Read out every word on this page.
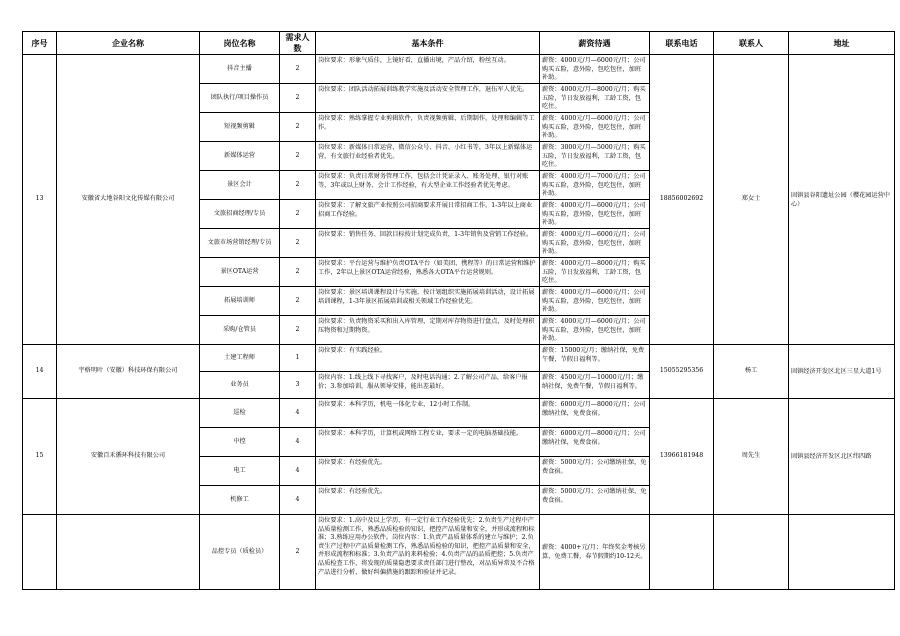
序号	企业名称	岗位名称	需求人数	基本条件	薪资待遇	联系电话	联系人	地址
13	安徽省大地谷阳文化传媒有限公司	抖音主播	2	岗位要求：形象气质佳，上镜好看，直播出境，产品介绍，粉丝互动。	薪资：4000元/月—6000元/月；公司购买五险，意外险，包吃包住，加班补助。	18856002692	郑女士	固镇县谷阳遗址公园（樱花园运营中心）
		团队执行/项目操作员	2	岗位要求：团队活动拓展训练教学实施及活动安全管理工作，退伍军人优先。	薪资：4000元/月—8000元/月；购买五险，节日发放福利，工龄工资，包吃住。			
		短视频剪辑	2	岗位要求：熟练掌握专业剪辑软件，负责视频剪辑、后期制作，处理和编辑等工作。	薪资：4000元/月—6000元/月；公司购买五险，意外险，包吃包住，加班补助。			
		新媒体运营	2	岗位要求：新媒体日常运营，微信公众号、抖音、小红书等，3年以上新媒体运营，有文旅行业经验者优先。	薪资：3000元/月—5000元/月；购买五险，节日发放福利，工龄工资，包吃住。			
		景区会计	2	岗位要求：负责日常财务管理工作，包括会计凭证录入、账务处理、银行对账等，3年或以上财务、会计工作经验，有大型企业工作经验者优先考虑。	薪资：4000元/月—7000元/月；公司购买五险，意外险，包吃包住，加班补助。			
		文旅招商经理/专员	2	岗位要求：了解文旅产业按照公司招商要求开展日常招商工作，1-3年以上商业招商工作经验。	薪资：4000元/月—6000元/月；公司购买五险，意外险，包吃包住，加班补助。			
		文旅市场营销经理/专员	2	岗位要求：销售任务、回款目标按计划完成负责，1-3年销售及营销工作经验。	薪资：4000元/月—6000元/月；公司购买五险，意外险，包吃包住，加班补助。			
		景区OTA运营	2	岗位要求：平台运营与维护负责OTA平台（如美团、携程等）的日常运营和维护工作，2年以上景区OTA运营经验，熟悉各大OTA平台运营规则。	薪资：4000元/月—8000元/月；购买五险，节日发放福利，工龄工资，包吃住。			
		拓展培训师	2	岗位要求：景区培训课程设计与实施，按计划组织实施拓展培训活动，设计拓展培训课程，1-3年景区拓展培训或相关领域工作经验优先。	薪资：4000元/月—6000元/月；公司购买五险，意外险，包吃包住，加班补助。			
		采购/仓管员	2	岗位要求：负责物资采买和出入库管理，定期对库存物资进行盘点，及时处理积压物资和过期物资。	薪资：4000元/月—6000元/月；公司购买五险，意外险，包吃包住，加班补助。			
14	宇格明叶（安徽）科技环保有限公司	土建工程师	1	岗位要求：有实践经验。	薪资：15000元/月；缴纳社保，免费午餐，节假日福利等。	15055295356	杨工	固镇经济开发区北区三星大道1号
		业务员	3	岗位内容：1.线上线下寻找客户，及时电话沟通；2.了解公司产品，给客户报价；3.参加培训，服从领导安排，能出差最好。	薪资：4500元/月—10000元/月；缴纳社保，免费午餐，节假日福利等。			
15	安徽百禾循环科技有限公司	巡检	4	岗位要求：本科学历，机电一体化专业，12小时工作制。	薪资：6000元/月—8000元/月；公司缴纳社保，免费食宿。	13966181948	周先生	固镇县经济开发区北区纬四路
		中控	4	岗位要求：本科学历，计算机或网络工程专业，要求一定的电脑基础技能。	薪资：6000元/月—8000元/月；公司缴纳社保，免费食宿。			
		电工	4	岗位要求：有经验优先。	薪资：5000元/月；公司缴纳社保，免费食宿。			
		机修工	4	岗位要求：有经验优先。	薪资：5000元/月；公司缴纳社保，免费食宿。			
		品控专员（质检员）	2	岗位要求：1.高中及以上学历，有一定行业工作经验优先；2.负责生产过程中产品质量检测工作，熟悉品质检验的知识，把控产品质量和安全，并形成流程和标准；3.熟练应用办公软件。岗位内容：1.负责产品质量体系的建立与维护；2.负责生产过程中产品质量检测工作，熟悉品质检验的知识，把控产品质量和安全，并形成流程和标准；3.负责产品的来料检验；4.负责产品的品质把控；5.负责产品质检查工作，将发现的质量隐患要求责任部门进行整改，对品质异常及不合格产品进行分析，做好纠偏措施的跟踪和验证并记录。	薪资：4000+元/月；年终奖金考核另算，免费工餐，春节假期约10-12天。			
